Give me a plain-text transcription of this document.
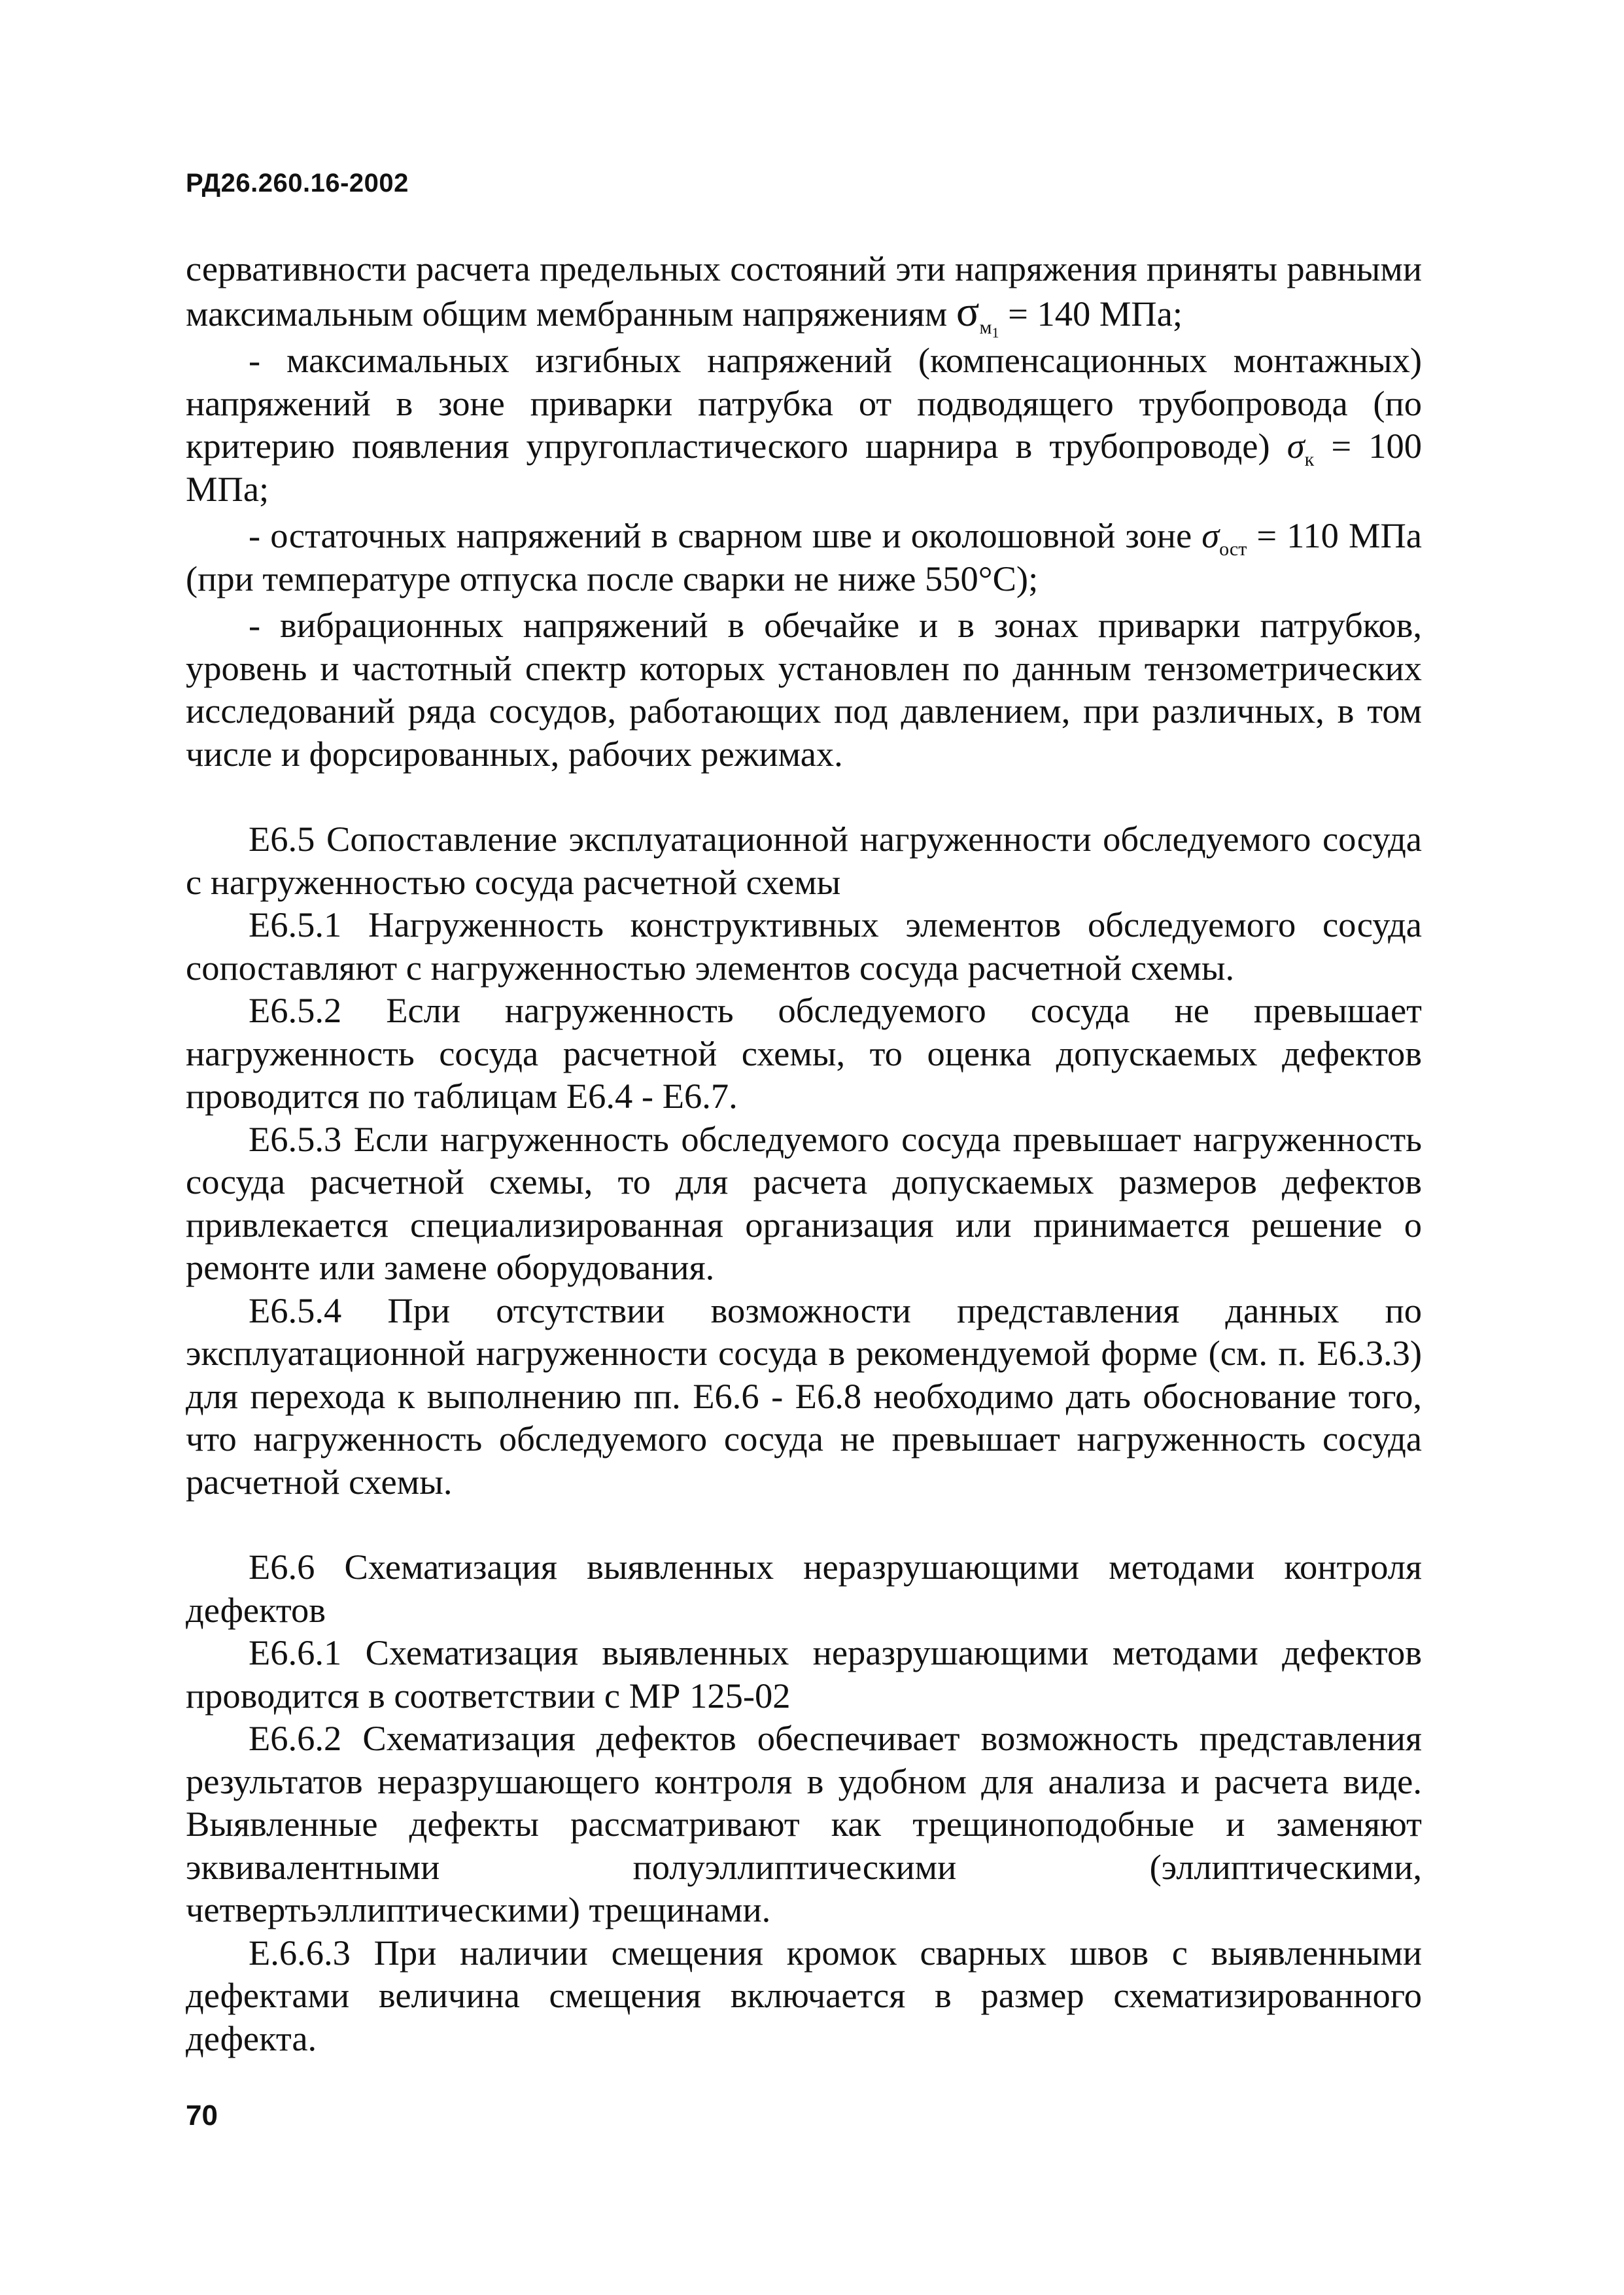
РД26.260.16-2002

сервативности расчета предельных состояний эти напряжения приняты равными максимальным общим мембранным напряжениям $\sigma_{м_1} = 140$ МПа;

- максимальных изгибных напряжений (компенсационных монтажных) напряжений в зоне приварки патрубка от подводящего трубопровода (по критерию появления упругопластического шарнира в трубопроводе) $\sigma_к = 100$ МПа;

- остаточных напряжений в сварном шве и околошовной зоне $\sigma_{ост} = 110$ МПа (при температуре отпуска после сварки не ниже 550°С);

- вибрационных напряжений в обечайке и в зонах приварки патрубков, уровень и частотный спектр которых установлен по данным тензометрических исследований ряда сосудов, работающих под давлением, при различных, в том числе и форсированных, рабочих режимах.

Е6.5 Сопоставление эксплуатационной нагруженности обследуемого сосуда с нагруженностью сосуда расчетной схемы

Е6.5.1 Нагруженность конструктивных элементов обследуемого сосуда сопоставляют с нагруженностью элементов сосуда расчетной схемы.

Е6.5.2 Если нагруженность обследуемого сосуда не превышает нагруженность сосуда расчетной схемы, то оценка допускаемых дефектов проводится по таблицам Е6.4 - Е6.7.

Е6.5.3 Если нагруженность обследуемого сосуда превышает нагруженность сосуда расчетной схемы, то для расчета допускаемых размеров дефектов привлекается специализированная организация или принимается решение о ремонте или замене оборудования.

Е6.5.4 При отсутствии возможности представления данных по эксплуатационной нагруженности сосуда в рекомендуемой форме (см. п. Е6.3.3) для перехода к выполнению пп. Е6.6 - Е6.8 необходимо дать обоснование того, что нагруженность обследуемого сосуда не превышает нагруженность сосуда расчетной схемы.

Е6.6 Схематизация выявленных неразрушающими методами контроля дефектов

Е6.6.1 Схематизация выявленных неразрушающими методами дефектов проводится в соответствии с МР 125-02

Е6.6.2 Схематизация дефектов обеспечивает возможность представления результатов неразрушающего контроля в удобном для анализа и расчета виде. Выявленные дефекты рассматривают как трещиноподобные и заменяют эквивалентными полуэллиптическими (эллиптическими, четвертьэллиптическими) трещинами.

Е.6.6.3 При наличии смещения кромок сварных швов с выявленными дефектами величина смещения включается в размер схематизированного дефекта.

70
